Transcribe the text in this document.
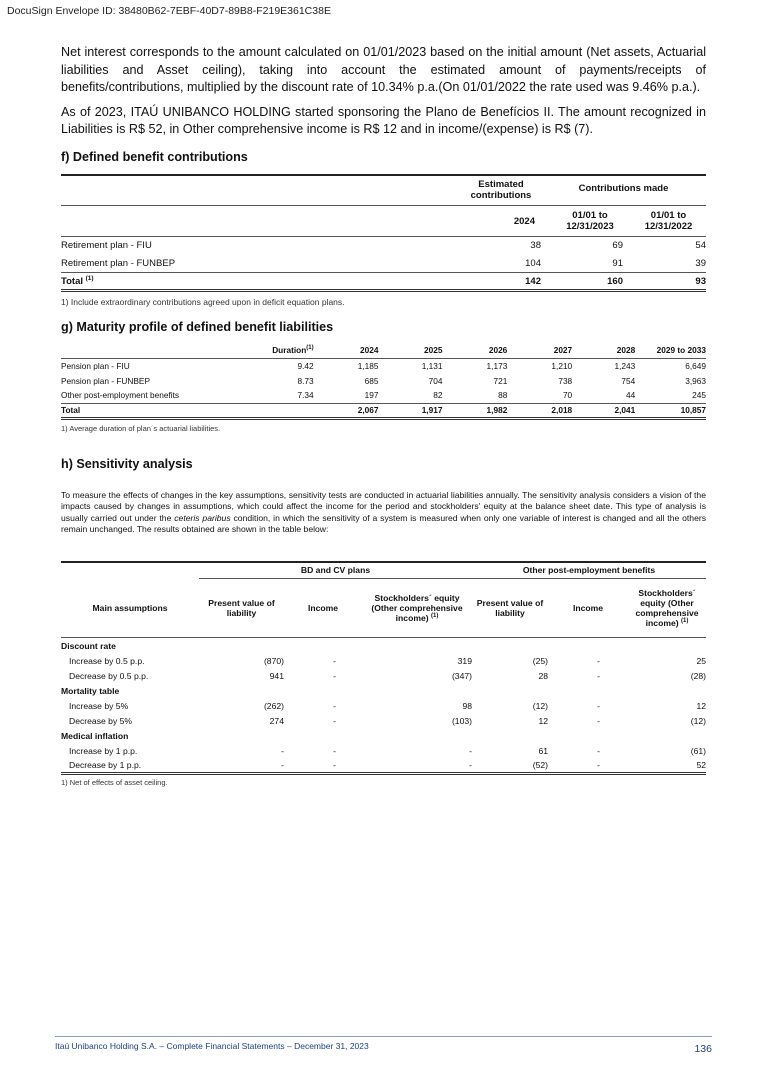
DocuSign Envelope ID: 38480B62-7EBF-40D7-89B8-F219E361C38E

Net interest corresponds to the amount calculated on 01/01/2023 based on the initial amount (Net assets, Actuarial liabilities and Asset ceiling), taking into account the estimated amount of payments/receipts of benefits/contributions, multiplied by the discount rate of 10.34% p.a.(On 01/01/2022 the rate used was 9.46% p.a.).

As of 2023, ITAÚ UNIBANCO HOLDING started sponsoring the Plano de Benefícios II. The amount recognized in Liabilities is R$ 52, in Other comprehensive income is R$ 12 and in income/(expense) is R$ (7).

f) Defined benefit contributions
	Estimated contributions	Contributions made	
	2024	01/01 to 12/31/2023	01/01 to 12/31/2022
Retirement plan - FIU	38	69	54
Retirement plan - FUNBEP	104	91	39
Total $^{(1)}$	142	160	93
1) Include extraordinary contributions agreed upon in deficit equation plans.
g) Maturity profile of defined benefit liabilities
	Duration$^{(1)}$	2024	2025	2026	2027	2028	2029 to 2033
Pension plan - FIU	9.42	1,185	1,131	1,173	1,210	1,243	6,649
Pension plan - FUNBEP	8.73	685	704	721	738	754	3,963
Other post-employment benefits	7.34	197	82	88	70	44	245
Total		2,067	1,917	1,982	2,018	2,041	10,857
1) Average duration of plan´s actuarial liabilities.
h) Sensitivity analysis

To measure the effects of changes in the key assumptions, sensitivity tests are conducted in actuarial liabilities annually. The sensitivity analysis considers a vision of the impacts caused by changes in assumptions, which could affect the income for the period and stockholders' equity at the balance sheet date. This type of analysis is usually carried out under the ceteris paribus condition, in which the sensitivity of a system is measured when only one variable of interest is changed and all the others remain unchanged. The results obtained are shown in the table below:

	BD and CV plans			Other post-employment benefits		
Main assumptions	Present value of liability	Income	Stockholders´ equity (Other comprehensive income) $^{(1)}$	Present value of liability	Income	Stockholders´ equity (Other comprehensive income) $^{(1)}$
Discount rate						
Increase by 0.5 p.p.	(870)	-	319	(25)	-	25
Decrease by 0.5 p.p.	941	-	(347)	28	-	(28)
Mortality table						
Increase by 5%	(262)	-	98	(12)	-	12
Decrease by 5%	274	-	(103)	12	-	(12)
Medical inflation						
Increase by 1 p.p.	-	-	-	61	-	(61)
Decrease by 1 p.p.	-	-	-	(52)	-	52
1) Net of effects of asset ceiling.
Itaú Unibanco Holding S.A. – Complete Financial Statements – December 31, 2023	136
